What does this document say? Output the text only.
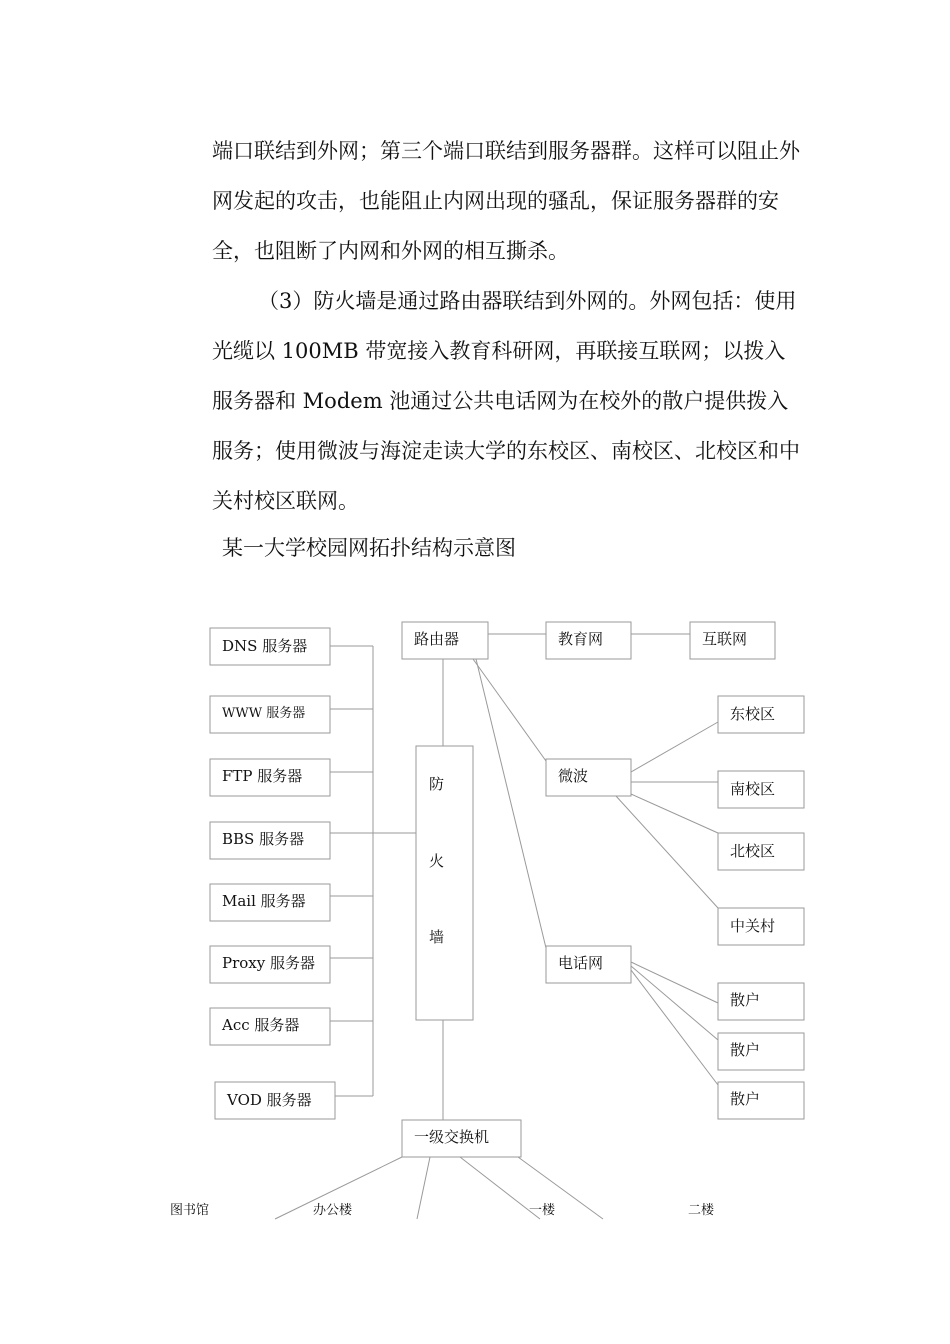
端口联结到外网；第三个端口联结到服务器群。这样可以阻止外网发起的攻击，也能阻止内网出现的骚乱，保证服务器群的安全，也阻断了内网和外网的相互撕杀。
（3）防火墙是通过路由器联结到外网的。外网包括：使用光缆以 100MB 带宽接入教育科研网，再联接互联网；以拨入服务器和 Modem 池通过公共电话网为在校外的散户提供拨入服务；使用微波与海淀走读大学的东校区、南校区、北校区和中关村校区联网。
某一大学校园网拓扑结构示意图
DNS 服务器
WWW 服务器
FTP 服务器
BBS 服务器
Mail 服务器
Proxy 服务器
Acc 服务器
VOD 服务器
路由器
防
火
墙
教育网	互联网
微波
东校区
南校区
北校区
中关村
电话网
散户
散户
散户
一级交换机
图书馆	办公楼	一楼	二楼
